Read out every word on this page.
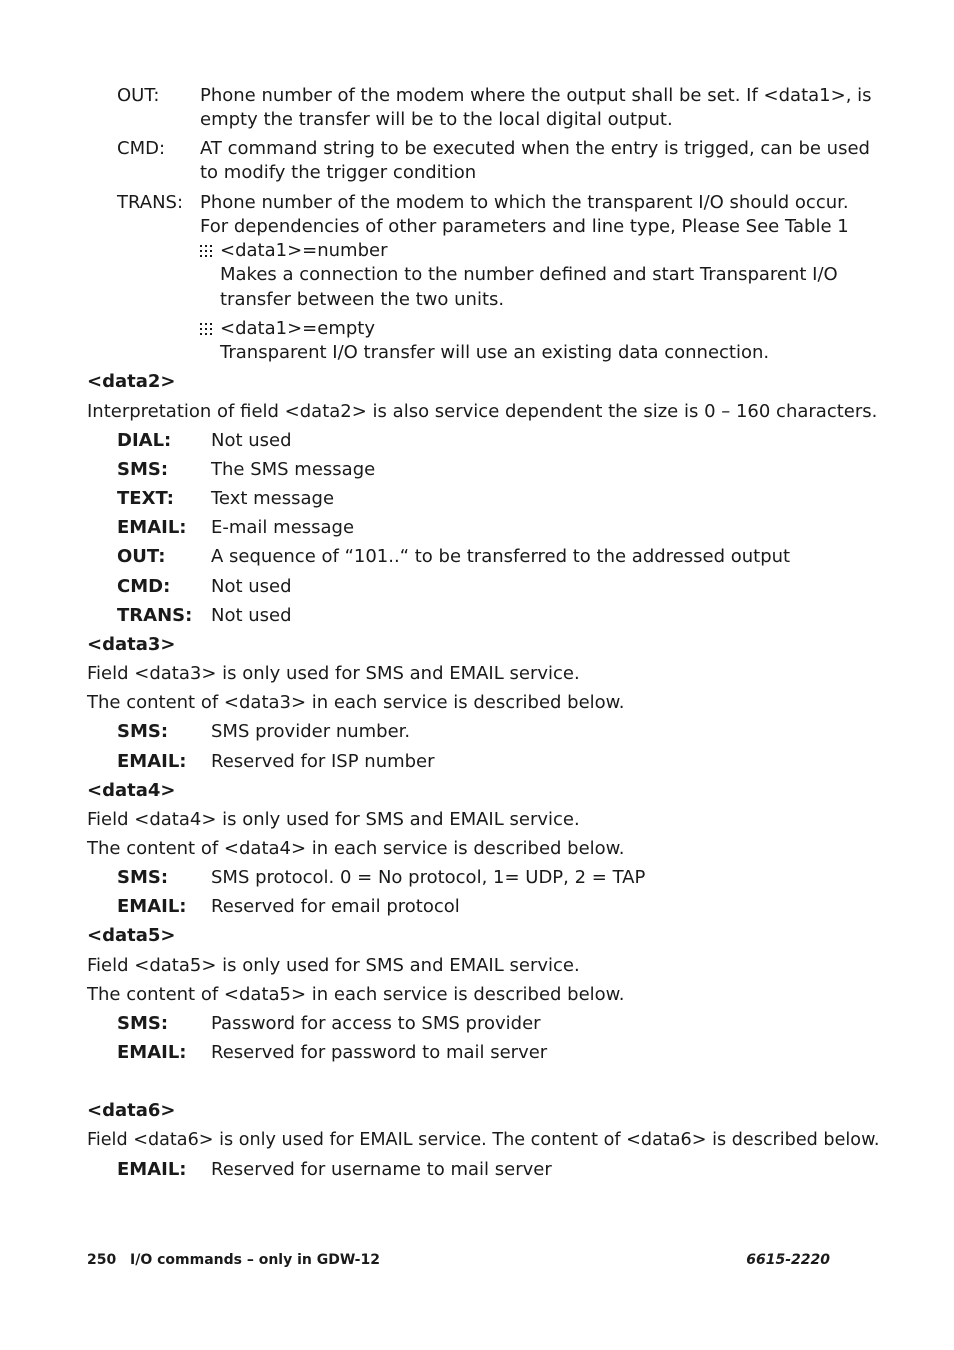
OUT: Phone number of the modem where the output shall be set. If <data1>, is
empty the transfer will be to the local digital output.
CMD: AT command string to be executed when the entry is trigged, can be used
to modify the trigger condition
TRANS: Phone number of the modem to which the transparent I/O should occur.
For dependencies of other parameters and line type, Please See Table 1
<data1>=number
Makes a connection to the number defined and start Transparent I/O
transfer between the two units.
<data1>=empty
Transparent I/O transfer will use an existing data connection.
<data2>
Interpretation of field <data2> is also service dependent the size is 0 – 160 characters.
DIAL: Not used
SMS: The SMS message
TEXT: Text message
EMAIL: E-mail message
OUT:	A sequence of “101..“ to be transferred to the addressed output
CMD: Not used
TRANS: Not used
<data3>
Field <data3> is only used for SMS and EMAIL service.
The content of <data3> in each service is described below.
SMS: SMS provider number.
EMAIL: Reserved for ISP number
<data4>
Field <data4> is only used for SMS and EMAIL service.
The content of <data4> in each service is described below.
SMS: SMS protocol. 0 = No protocol, 1= UDP, 2 = TAP
EMAIL: Reserved for email protocol
<data5>
Field <data5> is only used for SMS and EMAIL service.
The content of <data5> in each service is described below.
SMS: Password for access to SMS provider
EMAIL: Reserved for password to mail server
<data6>
Field <data6> is only used for EMAIL service. The content of <data6> is described below.
EMAIL: Reserved for username to mail server
250 I/O commands – only in GDW-12	6615-2220
